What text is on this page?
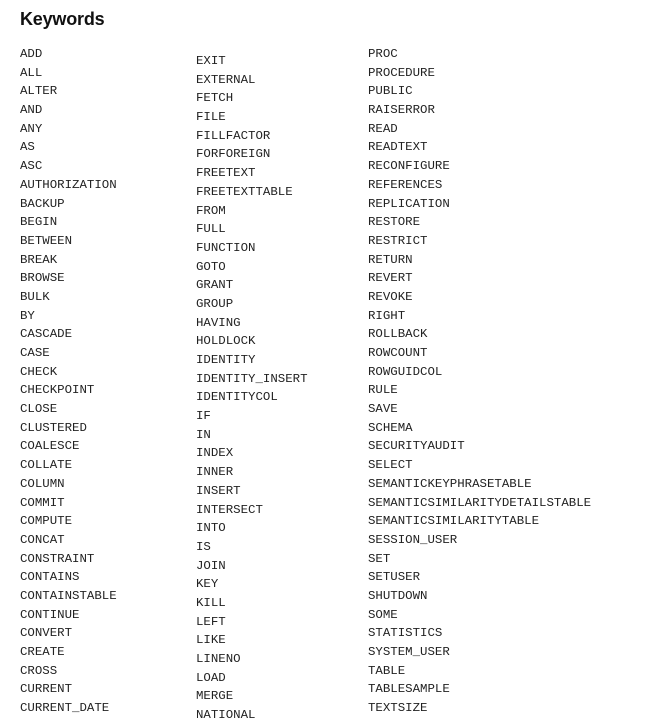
Keywords
ADD
ALL
ALTER
AND
ANY
AS
ASC
AUTHORIZATION
BACKUP
BEGIN
BETWEEN
BREAK
BROWSE
BULK
BY
CASCADE
CASE
CHECK
CHECKPOINT
CLOSE
CLUSTERED
COALESCE
COLLATE
COLUMN
COMMIT
COMPUTE
CONCAT
CONSTRAINT
CONTAINS
CONTAINSTABLE
CONTINUE
CONVERT
CREATE
CROSS
CURRENT
CURRENT_DATE
EXIT
EXTERNAL
FETCH
FILE
FILLFACTOR
FORFOREIGN
FREETEXT
FREETEXTTABLE
FROM
FULL
FUNCTION
GOTO
GRANT
GROUP
HAVING
HOLDLOCK
IDENTITY
IDENTITY_INSERT
IDENTITYCOL
IF
IN
INDEX
INNER
INSERT
INTERSECT
INTO
IS
JOIN
KEY
KILL
LEFT
LIKE
LINENO
LOAD
MERGE
NATIONAL
PROC
PROCEDURE
PUBLIC
RAISERROR
READ
READTEXT
RECONFIGURE
REFERENCES
REPLICATION
RESTORE
RESTRICT
RETURN
REVERT
REVOKE
RIGHT
ROLLBACK
ROWCOUNT
ROWGUIDCOL
RULE
SAVE
SCHEMA
SECURITYAUDIT
SELECT
SEMANTICKEYPHRASETABLE
SEMANTICSIMILARITYDETAILSTABLE
SEMANTICSIMILARITYTABLE
SESSION_USER
SET
SETUSER
SHUTDOWN
SOME
STATISTICS
SYSTEM_USER
TABLE
TABLESAMPLE
TEXTSIZE
